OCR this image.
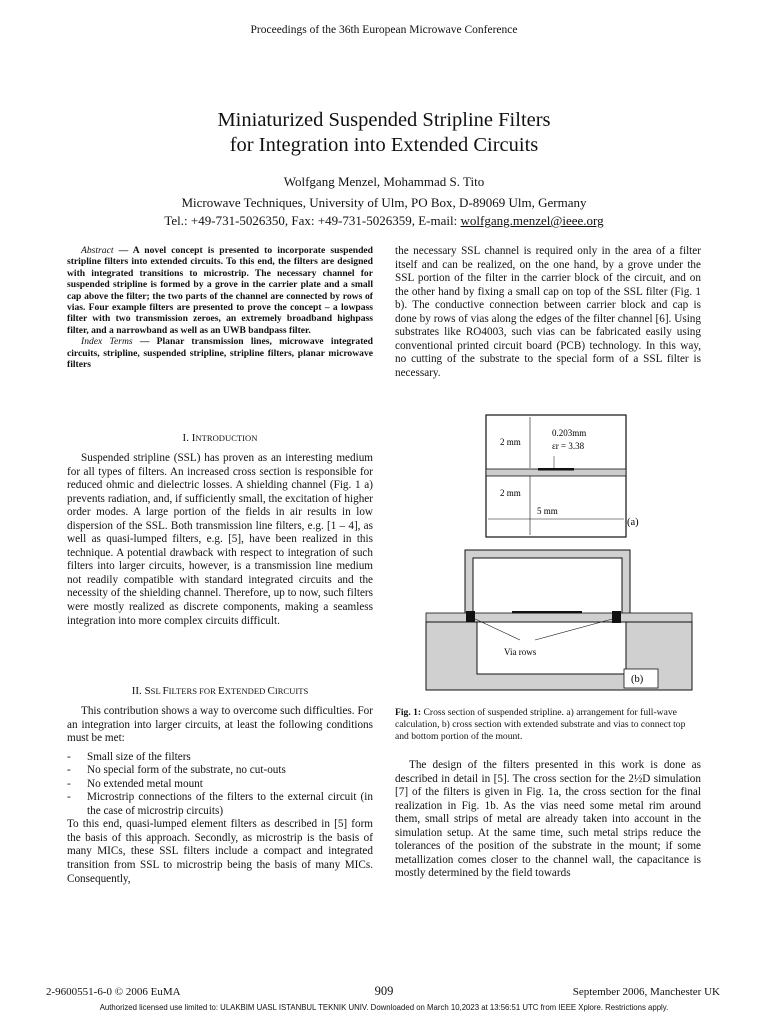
Proceedings of the 36th European Microwave Conference
Miniaturized Suspended Stripline Filters
for Integration into Extended Circuits
Wolfgang Menzel, Mohammad S. Tito
Microwave Techniques, University of Ulm, PO Box, D-89069 Ulm, Germany
Tel.: +49-731-5026350, Fax: +49-731-5026359, E-mail: wolfgang.menzel@ieee.org

Abstract — A novel concept is presented to incorporate suspended stripline filters into extended circuits. To this end, the filters are designed with integrated transitions to microstrip. The necessary channel for suspended stripline is formed by a grove in the carrier plate and a small cap above the filter; the two parts of the channel are connected by rows of vias. Four example filters are presented to prove the concept – a lowpass filter with two transmission zeroes, an extremely broadband highpass filter, and a narrowband as well as an UWB bandpass filter.

Index Terms — Planar transmission lines, microwave integrated circuits, stripline, suspended stripline, stripline filters, planar microwave filters

I. INTRODUCTION

Suspended stripline (SSL) has proven as an interesting medium for all types of filters. An increased cross section is responsible for reduced ohmic and dielectric losses. A shielding channel (Fig. 1 a) prevents radiation, and, if sufficiently small, the excitation of higher order modes. A large portion of the fields in air results in low dispersion of the SSL. Both transmission line filters, e.g. [1 – 4], as well as quasi-lumped filters, e.g. [5], have been realized in this technique. A potential drawback with respect to integration of such filters into larger circuits, however, is a transmission line medium not readily compatible with standard integrated circuits and the necessity of the shielding channel. Therefore, up to now, such filters were mostly realized as discrete components, making a seamless integration into more complex circuits difficult.

II. SSL FILTERS FOR EXTENDED CIRCUITS

This contribution shows a way to overcome such difficulties. For an integration into larger circuits, at least the following conditions must be met:

- Small size of the filters
- No special form of the substrate, no cut-outs
- No extended metal mount
- Microstrip connections of the filters to the external circuit (in the case of microstrip circuits)

To this end, quasi-lumped element filters as described in [5] form the basis of this approach. Secondly, as microstrip is the basis of many MICs, these SSL filters include a compact and integrated transition from SSL to microstrip being the basis of many MICs. Consequently,

the necessary SSL channel is required only in the area of a filter itself and can be realized, on the one hand, by a grove under the SSL portion of the filter in the carrier block of the circuit, and on the other hand by fixing a small cap on top of the SSL filter (Fig. 1 b). The conductive connection between carrier block and cap is done by rows of vias along the edges of the filter channel [6]. Using substrates like RO4003, such vias can be fabricated easily using conventional printed circuit board (PCB) technology. In this way, no cutting of the substrate to the special form of a SSL filter is necessary.

2 mm
0.203mm
εr = 3.38
2 mm
5 mm
(a)
Via rows
(b)
Fig. 1: Cross section of suspended stripline. a) arrangement for full-wave calculation, b) cross section with extended substrate and vias to connect top and bottom portion of the mount.

The design of the filters presented in this work is done as described in detail in [5]. The cross section for the 2½D simulation [7] of the filters is given in Fig. 1a, the cross section for the final realization in Fig. 1b. As the vias need some metal rim around them, small strips of metal are already taken into account in the simulation setup. At the same time, such metal strips reduce the tolerances of the position of the substrate in the mount; if some metallization comes closer to the channel wall, the capacitance is mostly determined by the field towards

2-9600551-6-0 © 2006 EuMA	909	September 2006, Manchester UK
Authorized licensed use limited to: ULAKBIM UASL ISTANBUL TEKNIK UNIV. Downloaded on March 10,2023 at 13:56:51 UTC from IEEE Xplore. Restrictions apply.
